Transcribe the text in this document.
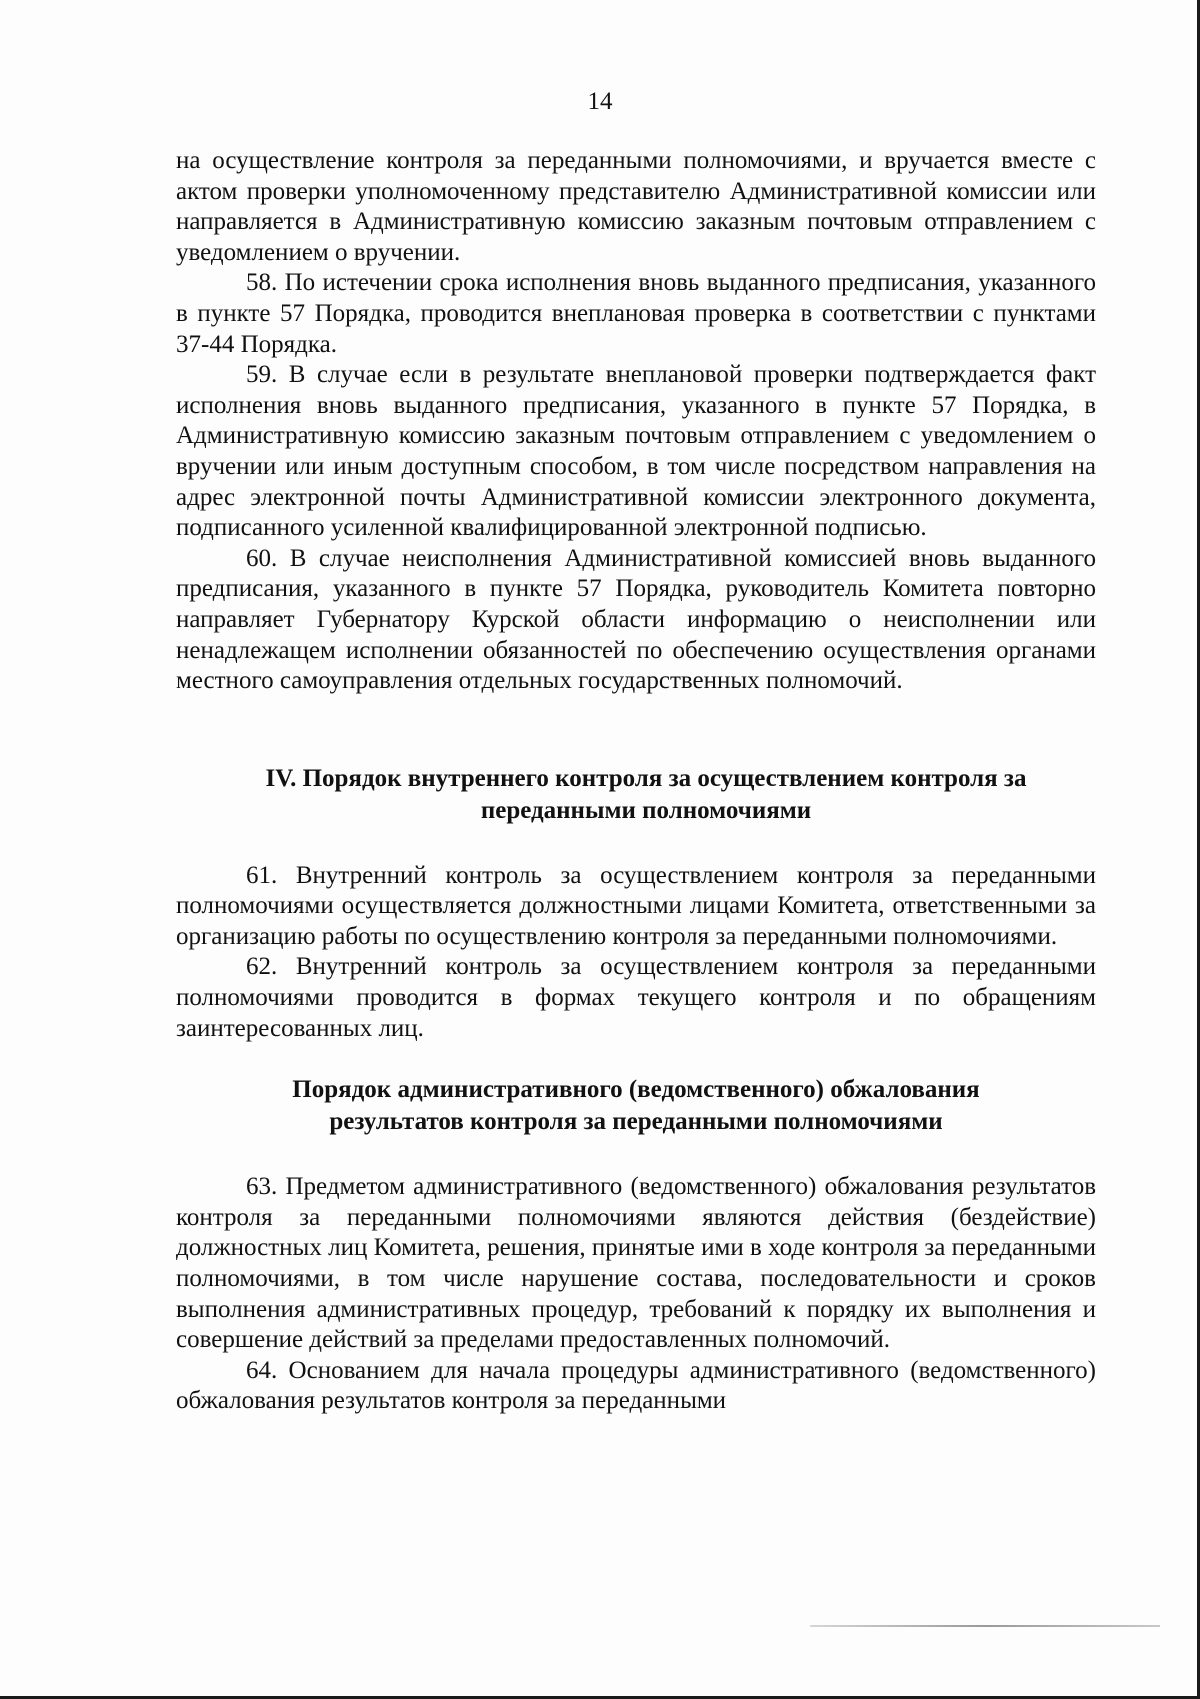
14

на осуществление контроля за переданными полномочиями, и вручается вместе с актом проверки уполномоченному представителю Административной комиссии или направляется в Административную комиссию заказным почтовым отправлением с уведомлением о вручении.

58. По истечении срока исполнения вновь выданного предписания, указанного в пункте 57 Порядка, проводится внеплановая проверка в соответствии с пунктами 37-44 Порядка.

59. В случае если в результате внеплановой проверки подтверждается факт исполнения вновь выданного предписания, указанного в пункте 57 Порядка, в Административную комиссию заказным почтовым отправлением с уведомлением о вручении или иным доступным способом, в том числе посредством направления на адрес электронной почты Административной комиссии электронного документа, подписанного усиленной квалифицированной электронной подписью.

60. В случае неисполнения Административной комиссией вновь выданного предписания, указанного в пункте 57 Порядка, руководитель Комитета повторно направляет Губернатору Курской области информацию о неисполнении или ненадлежащем исполнении обязанностей по обеспечению осуществления органами местного самоуправления отдельных государственных полномочий.

IV. Порядок внутреннего контроля за осуществлением контроля за
переданными полномочиями

61. Внутренний контроль за осуществлением контроля за переданными полномочиями осуществляется должностными лицами Комитета, ответственными за организацию работы по осуществлению контроля за переданными полномочиями.

62. Внутренний контроль за осуществлением контроля за переданными полномочиями проводится в формах текущего контроля и по обращениям заинтересованных лиц.

Порядок административного (ведомственного) обжалования
результатов контроля за переданными полномочиями

63. Предметом административного (ведомственного) обжалования результатов контроля за переданными полномочиями являются действия (бездействие) должностных лиц Комитета, решения, принятые ими в ходе контроля за переданными полномочиями, в том числе нарушение состава, последовательности и сроков выполнения административных процедур, требований к порядку их выполнения и совершение действий за пределами предоставленных полномочий.

64. Основанием для начала процедуры административного (ведомственного) обжалования результатов контроля за переданными
